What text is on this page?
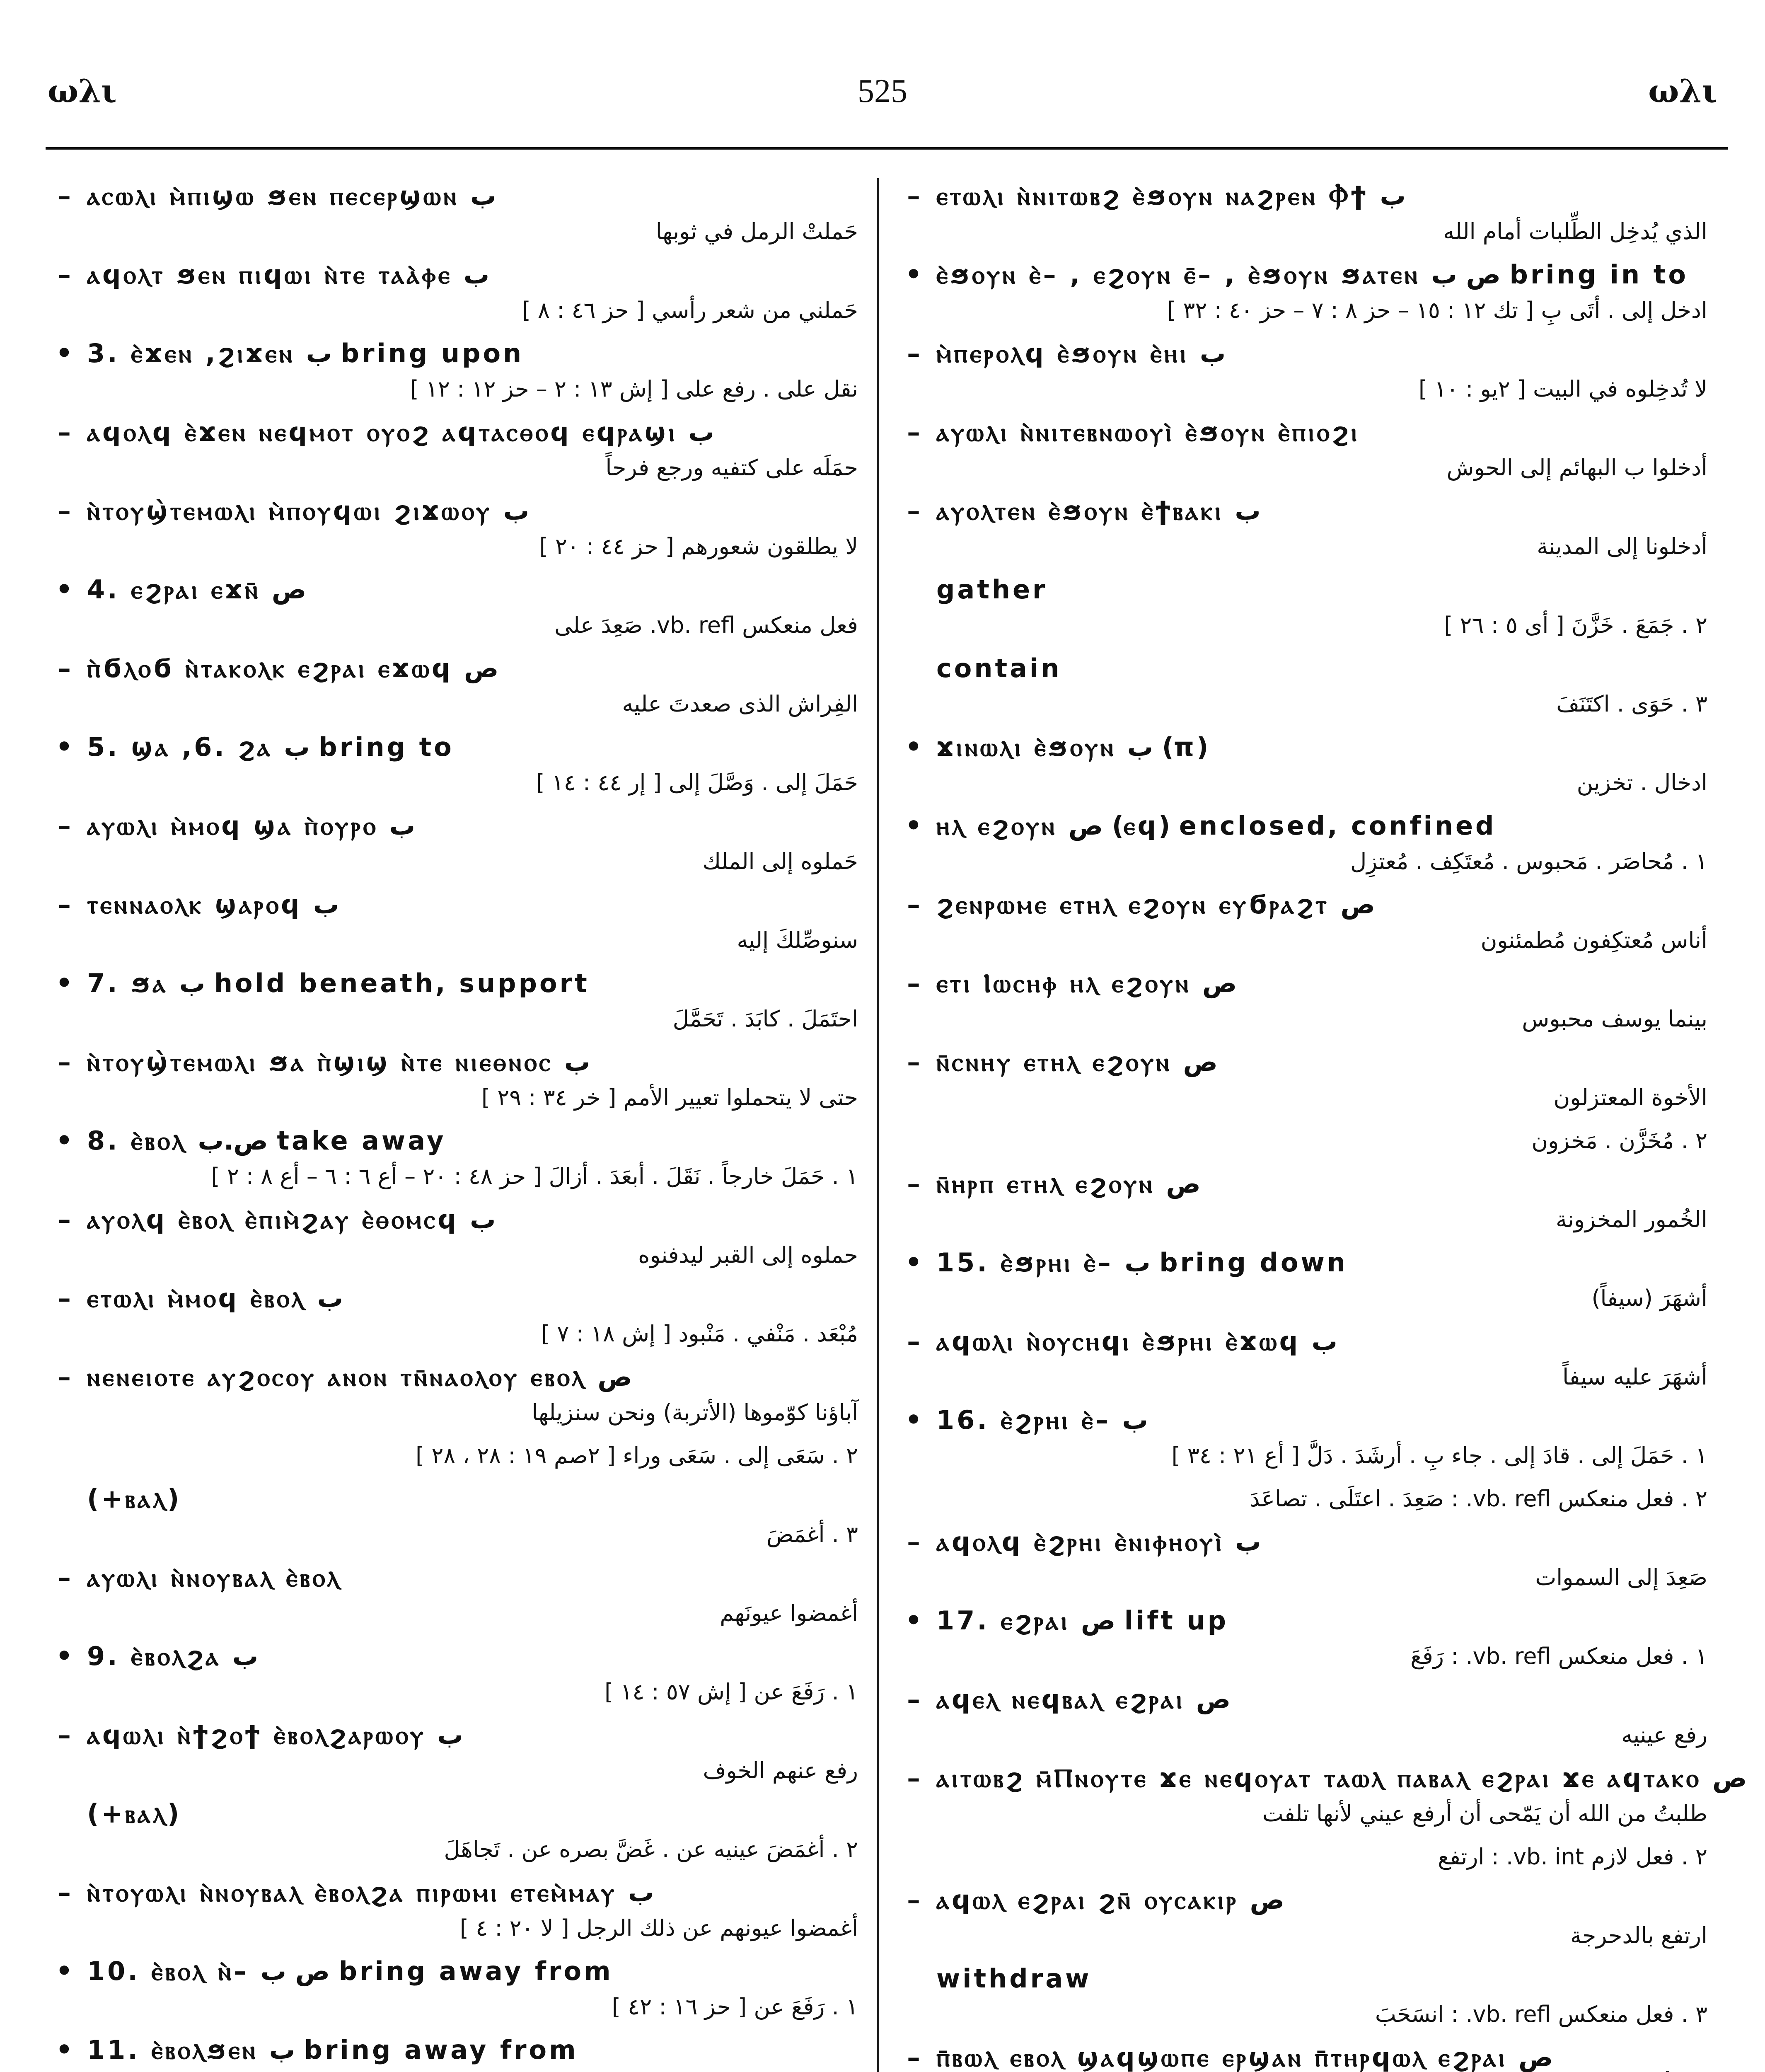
ωλι	525	ωλι
– ⲁⲥⲱⲗⲓ ⲙ̀ⲡⲓϣⲱ ϧⲉⲛ ⲡⲉⲥⲉⲣϣⲱⲛ ب
حَملتْ الرمل في ثوبها
– ⲁϥⲟⲗⲧ ϧⲉⲛ ⲡⲓϥⲱⲓ ⲛ̀ⲧⲉ ⲧⲁⲁ̀ⲫⲉ ب
حَملني من شعر رأسي [ حز ٤٦ : ٨ ]
• 3. ⲉ̀ϫⲉⲛ ,ϩⲓϫⲉⲛ ب bring upon
نقل على . رفع على [ إش ١٣ : ٢ – حز ١٢ : ١٢ ]
– ⲁϥⲟⲗϥ ⲉ̀ϫⲉⲛ ⲛⲉϥⲙⲟⲧ ⲟⲩⲟϩ ⲁϥⲧⲁⲥⲑⲟϥ ⲉϥⲣⲁϣⲓ ب
حمَلَه على كتفيه ورجع فرحاً
– ⲛ̀ⲧⲟⲩϣ̀ⲧⲉⲙⲱⲗⲓ ⲙ̀ⲡⲟⲩϥⲱⲓ ϩⲓϫⲱⲟⲩ ب
لا يطلقون شعورهم [ حز ٤٤ : ٢٠ ]
• 4. ⲉϩⲣⲁⲓ ⲉϫⲛ̄ ص
فعل منعكس vb. refl. صَعِدَ على
– ⲡ̀ϭⲗⲟϭ ⲛ̀ⲧⲁⲕⲟⲗⲕ ⲉϩⲣⲁⲓ ⲉϫⲱϥ ص
الفِراش الذى صعدتَ عليه
• 5. ϣⲁ ,6. ϩⲁ ب bring to
حَمَلَ إلى . وَصَّلَ إلى [ إر ٤٤ : ١٤ ]
– ⲁⲩⲱⲗⲓ ⲙ̀ⲙⲟϥ ϣⲁ ⲡ̀ⲟⲩⲣⲟ ب
حَملوه إلى الملك
– ⲧⲉⲛⲛⲁⲟⲗⲕ ϣⲁⲣⲟϥ ب
سنوصِّلكَ إليه
• 7. ϧⲁ ب hold beneath, support
احتَمَلَ . كابَدَ . تَحَمَّلَ
– ⲛ̀ⲧⲟⲩϣ̀ⲧⲉⲙⲱⲗⲓ ϧⲁ ⲡ̀ϣⲓϣ ⲛ̀ⲧⲉ ⲛⲓⲉⲑⲛⲟⲥ ب
حتى لا يتحملوا تعيير الأمم [ خر ٣٤ : ٢٩ ]
• 8. ⲉ̀ⲃⲟⲗ ص.ب take away
١ . حَمَلَ خارجاً . نَقَلَ . أبعَدَ . أزالَ [ حز ٤٨ : ٢٠ – أع ٦ : ٦ – أع ٨ : ٢ ]
– ⲁⲩⲟⲗϥ ⲉ̀ⲃⲟⲗ ⲉ̀ⲡⲓⲙ̀ϩⲁⲩ ⲉ̀ⲑⲟⲙⲥϥ ب
حملوه إلى القبر ليدفنوه
– ⲉⲧⲱⲗⲓ ⲙ̀ⲙⲟϥ ⲉ̀ⲃⲟⲗ ب
مُبْعَد . مَنْفي . مَنْبود [ إش ١٨ : ٧ ]
– ⲛⲉⲛⲉⲓⲟⲧⲉ ⲁⲩϩⲟⲥⲟⲩ ⲁⲛⲟⲛ ⲧⲛ̄ⲛⲁⲟⲗⲟⲩ ⲉⲃⲟⲗ ص
آباؤنا كوّموها (الأتربة) ونحن سنزيلها
٢ . سَعَى إلى . سَعَى وراء [ ٢صم ١٩ : ٢٨ ، ٢٨ ]
(+ⲃⲁⲗ)
٣ . أغمَضَ
– ⲁⲩⲱⲗⲓ ⲛ̀ⲛⲟⲩⲃⲁⲗ ⲉ̀ⲃⲟⲗ
أغمضوا عيونَهم
• 9. ⲉ̀ⲃⲟⲗϩⲁ ب
١ . رَفَعَ عن [ إش ٥٧ : ١٤ ]
– ⲁϥⲱⲗⲓ ⲛ̀ϯϩⲟϯ ⲉ̀ⲃⲟⲗϩⲁⲣⲱⲟⲩ ب
رفع عنهم الخوف
(+ⲃⲁⲗ)
٢ . أغمَضَ عينيه عن . غَضَّ بصره عن . تَجاهَلَ
– ⲛ̀ⲧⲟⲩⲱⲗⲓ ⲛ̀ⲛⲟⲩⲃⲁⲗ ⲉ̀ⲃⲟⲗϩⲁ ⲡⲓⲣⲱⲙⲓ ⲉⲧⲉⲙ̀ⲙⲁⲩ ب
أغمضوا عيونهم عن ذلك الرجل [ لا ٢٠ : ٤ ]
• 10. ⲉ̀ⲃⲟⲗ ⲛ̀– ص ب bring away from
١ . رَفَعَ عن [ حز ١٦ : ٤٢ ]
• 11. ⲉ̀ⲃⲟⲗϧⲉⲛ ب bring away from
– ⲉⲧⲱⲗⲓ ⲛ̀ⲛⲓⲧⲱⲃϩ ⲉ̀ϧⲟⲩⲛ ⲛⲁϩⲣⲉⲛ Ⲫ̀ϯ ب
الذي يُدخِل الطِّلبات أمام الله
• ⲉ̀ϧⲟⲩⲛ ⲉ̀– , ⲉϩⲟⲩⲛ ⲉ̄– , ⲉ̀ϧⲟⲩⲛ ϧⲁⲧⲉⲛ ص ب bring in to
ادخل إلى . أتَى بِ [ تك ١٢ : ١٥ – حز ٨ : ٧ – حز ٤٠ : ٣٢ ]
– ⲙ̀ⲡⲉⲣⲟⲗϥ ⲉ̀ϧⲟⲩⲛ ⲉ̀ⲏⲓ ب
لا تُدخِلوه في البيت [ ٢يو : ١٠ ]
– ⲁⲩⲱⲗⲓ ⲛ̀ⲛⲓⲧⲉⲃⲛⲱⲟⲩⲓ̀ ⲉ̀ϧⲟⲩⲛ ⲉ̀ⲡⲓⲟϩⲓ
أدخلوا ب البهائم إلى الحوش
– ⲁⲩⲟⲗⲧⲉⲛ ⲉ̀ϧⲟⲩⲛ ⲉ̀ϯⲃⲁⲕⲓ ب
أدخلونا إلى المدينة
gather
٢ . جَمَعَ . خَزَّنَ [ أى ٥ : ٢٦ ]
contain
٣ . حَوَى . اكتَنَفَ
• ϫⲓⲛⲱⲗⲓ ⲉ̀ϧⲟⲩⲛ ب (π)
ادخال . تخزين
• ⲏⲗ ⲉϩⲟⲩⲛ ص (ⲉϥ) enclosed, confined
١ . مُحاصَر . مَحبوس . مُعتَكِف . مُعتزِل
– ϩⲉⲛⲣⲱⲙⲉ ⲉⲧⲏⲗ ⲉϩⲟⲩⲛ ⲉⲩϭⲣⲁϩⲧ ص
أناس مُعتكِفون مُطمئنون
– ⲉⲧⲓ Ⲓⲱⲥⲏⲫ ⲏⲗ ⲉϩⲟⲩⲛ ص
بينما يوسف محبوس
– ⲛ̄ⲥⲛⲏⲩ ⲉⲧⲏⲗ ⲉϩⲟⲩⲛ ص
الأخوة المعتزلون
٢ . مُخَزَّن . مَخزون
– ⲛ̄ⲏⲣⲡ ⲉⲧⲏⲗ ⲉϩⲟⲩⲛ ص
الخُمور المخزونة
• 15. ⲉ̀ϧⲣⲏⲓ ⲉ̀– ب bring down
أشهَرَ (سيفاً)
– ⲁϥⲱⲗⲓ ⲛ̀ⲟⲩⲥⲏϥⲓ ⲉ̀ϧⲣⲏⲓ ⲉ̀ϫⲱϥ ب
أشهَرَ عليه سيفاً
• 16. ⲉ̀ϩⲣⲏⲓ ⲉ̀– ب
١ . حَمَلَ إلى . قادَ إلى . جاء بِ . أرشَدَ . دَلَّ [ أع ٢١ : ٣٤ ]
٢ . فعل منعكس vb. refl. : صَعِدَ . اعتَلَى . تصاعَدَ
– ⲁϥⲟⲗϥ ⲉ̀ϩⲣⲏⲓ ⲉ̀ⲛⲓⲫⲏⲟⲩⲓ̀ ب
صَعِدَ إلى السموات
• 17. ⲉϩⲣⲁⲓ ص lift up
١ . فعل منعكس vb. refl. : رَفَعَ
– ⲁϥⲉⲗ ⲛⲉϥⲃⲁⲗ ⲉϩⲣⲁⲓ ص
رفع عينيه
– ⲁⲓⲧⲱⲃϩ ⲙ̄Ⲡⲛⲟⲩⲧⲉ ϫⲉ ⲛⲉϥⲟⲩⲁⲧ ⲧⲁⲱⲗ ⲡⲁⲃⲁⲗ ⲉϩⲣⲁⲓ ϫⲉ ⲁϥⲧⲁⲕⲟ ص
طلبتُ من الله أن يَمّحى أن أرفع عيني لأنها تلفت
٢ . فعل لازم vb. int. : ارتفع
– ⲁϥⲱⲗ ⲉϩⲣⲁⲓ ϩⲛ̄ ⲟⲩⲥⲁⲕⲓⲣ ص
ارتفع بالدحرجة
withdraw
٣ . فعل منعكس vb. refl. : انسَحَبَ
– ⲡ̄ⲃⲱⲗ ⲉⲃⲟⲗ ϣⲁϥϣⲱⲡⲉ ⲉⲣϣⲁⲛ ⲡ̄ⲧⲏⲣϥⲱⲗ ⲉϩⲣⲁⲓ ص
